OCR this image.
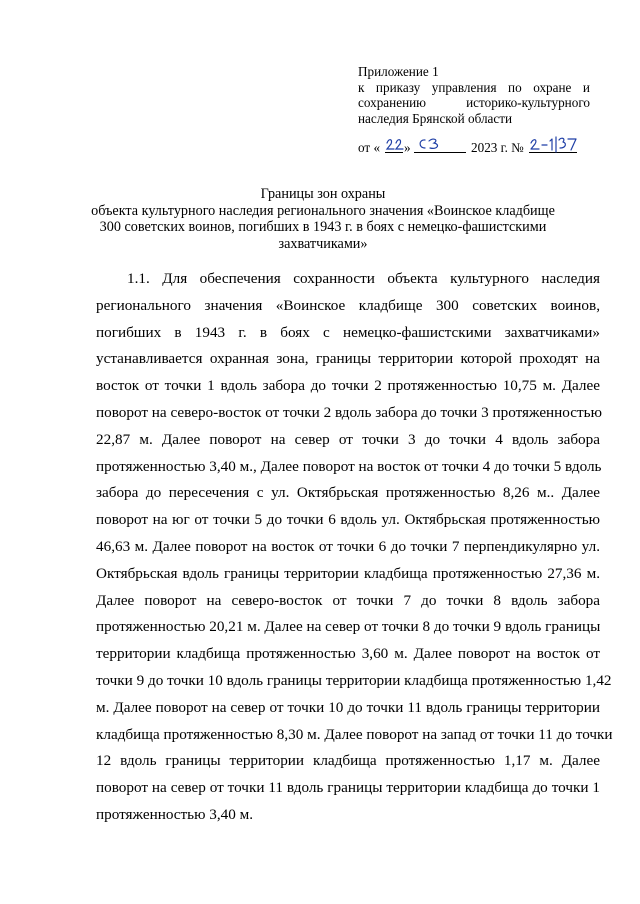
Приложение 1
к приказу управления по охране и
сохранению историко-культурного
наследия Брянской области
от « »	2023 г. №
Границы зон охраны
объекта культурного наследия регионального значения «Воинское кладбище
300 советских воинов, погибших в 1943 г. в боях с немецко-фашистскими
захватчиками»
1.1. Для обеспечения сохранности объекта культурного наследия
регионального значения «Воинское кладбище 300 советских воинов,
погибших в 1943 г. в боях с немецко-фашистскими захватчиками»
устанавливается охранная зона, границы территории которой проходят на
восток от точки 1 вдоль забора до точки 2 протяженностью 10,75 м. Далее
поворот на северо-восток от точки 2 вдоль забора до точки 3 протяженностью
22,87 м. Далее поворот на север от точки 3 до точки 4 вдоль забора
протяженностью 3,40 м., Далее поворот на восток от точки 4 до точки 5 вдоль
забора до пересечения с ул. Октябрьская протяженностью 8,26 м.. Далее
поворот на юг от точки 5 до точки 6 вдоль ул. Октябрьская протяженностью
46,63 м. Далее поворот на восток от точки 6 до точки 7 перпендикулярно ул.
Октябрьская вдоль границы территории кладбища протяженностью 27,36 м.
Далее поворот на северо-восток от точки 7 до точки 8 вдоль забора
протяженностью 20,21 м. Далее на север от точки 8 до точки 9 вдоль границы
территории кладбища протяженностью 3,60 м. Далее поворот на восток от
точки 9 до точки 10 вдоль границы территории кладбища протяженностью 1,42
м. Далее поворот на север от точки 10 до точки 11 вдоль границы территории
кладбища протяженностью 8,30 м. Далее поворот на запад от точки 11 до точки
12 вдоль границы территории кладбища протяженностью 1,17 м. Далее
поворот на север от точки 11 вдоль границы территории кладбища до точки 1
протяженностью 3,40 м.
